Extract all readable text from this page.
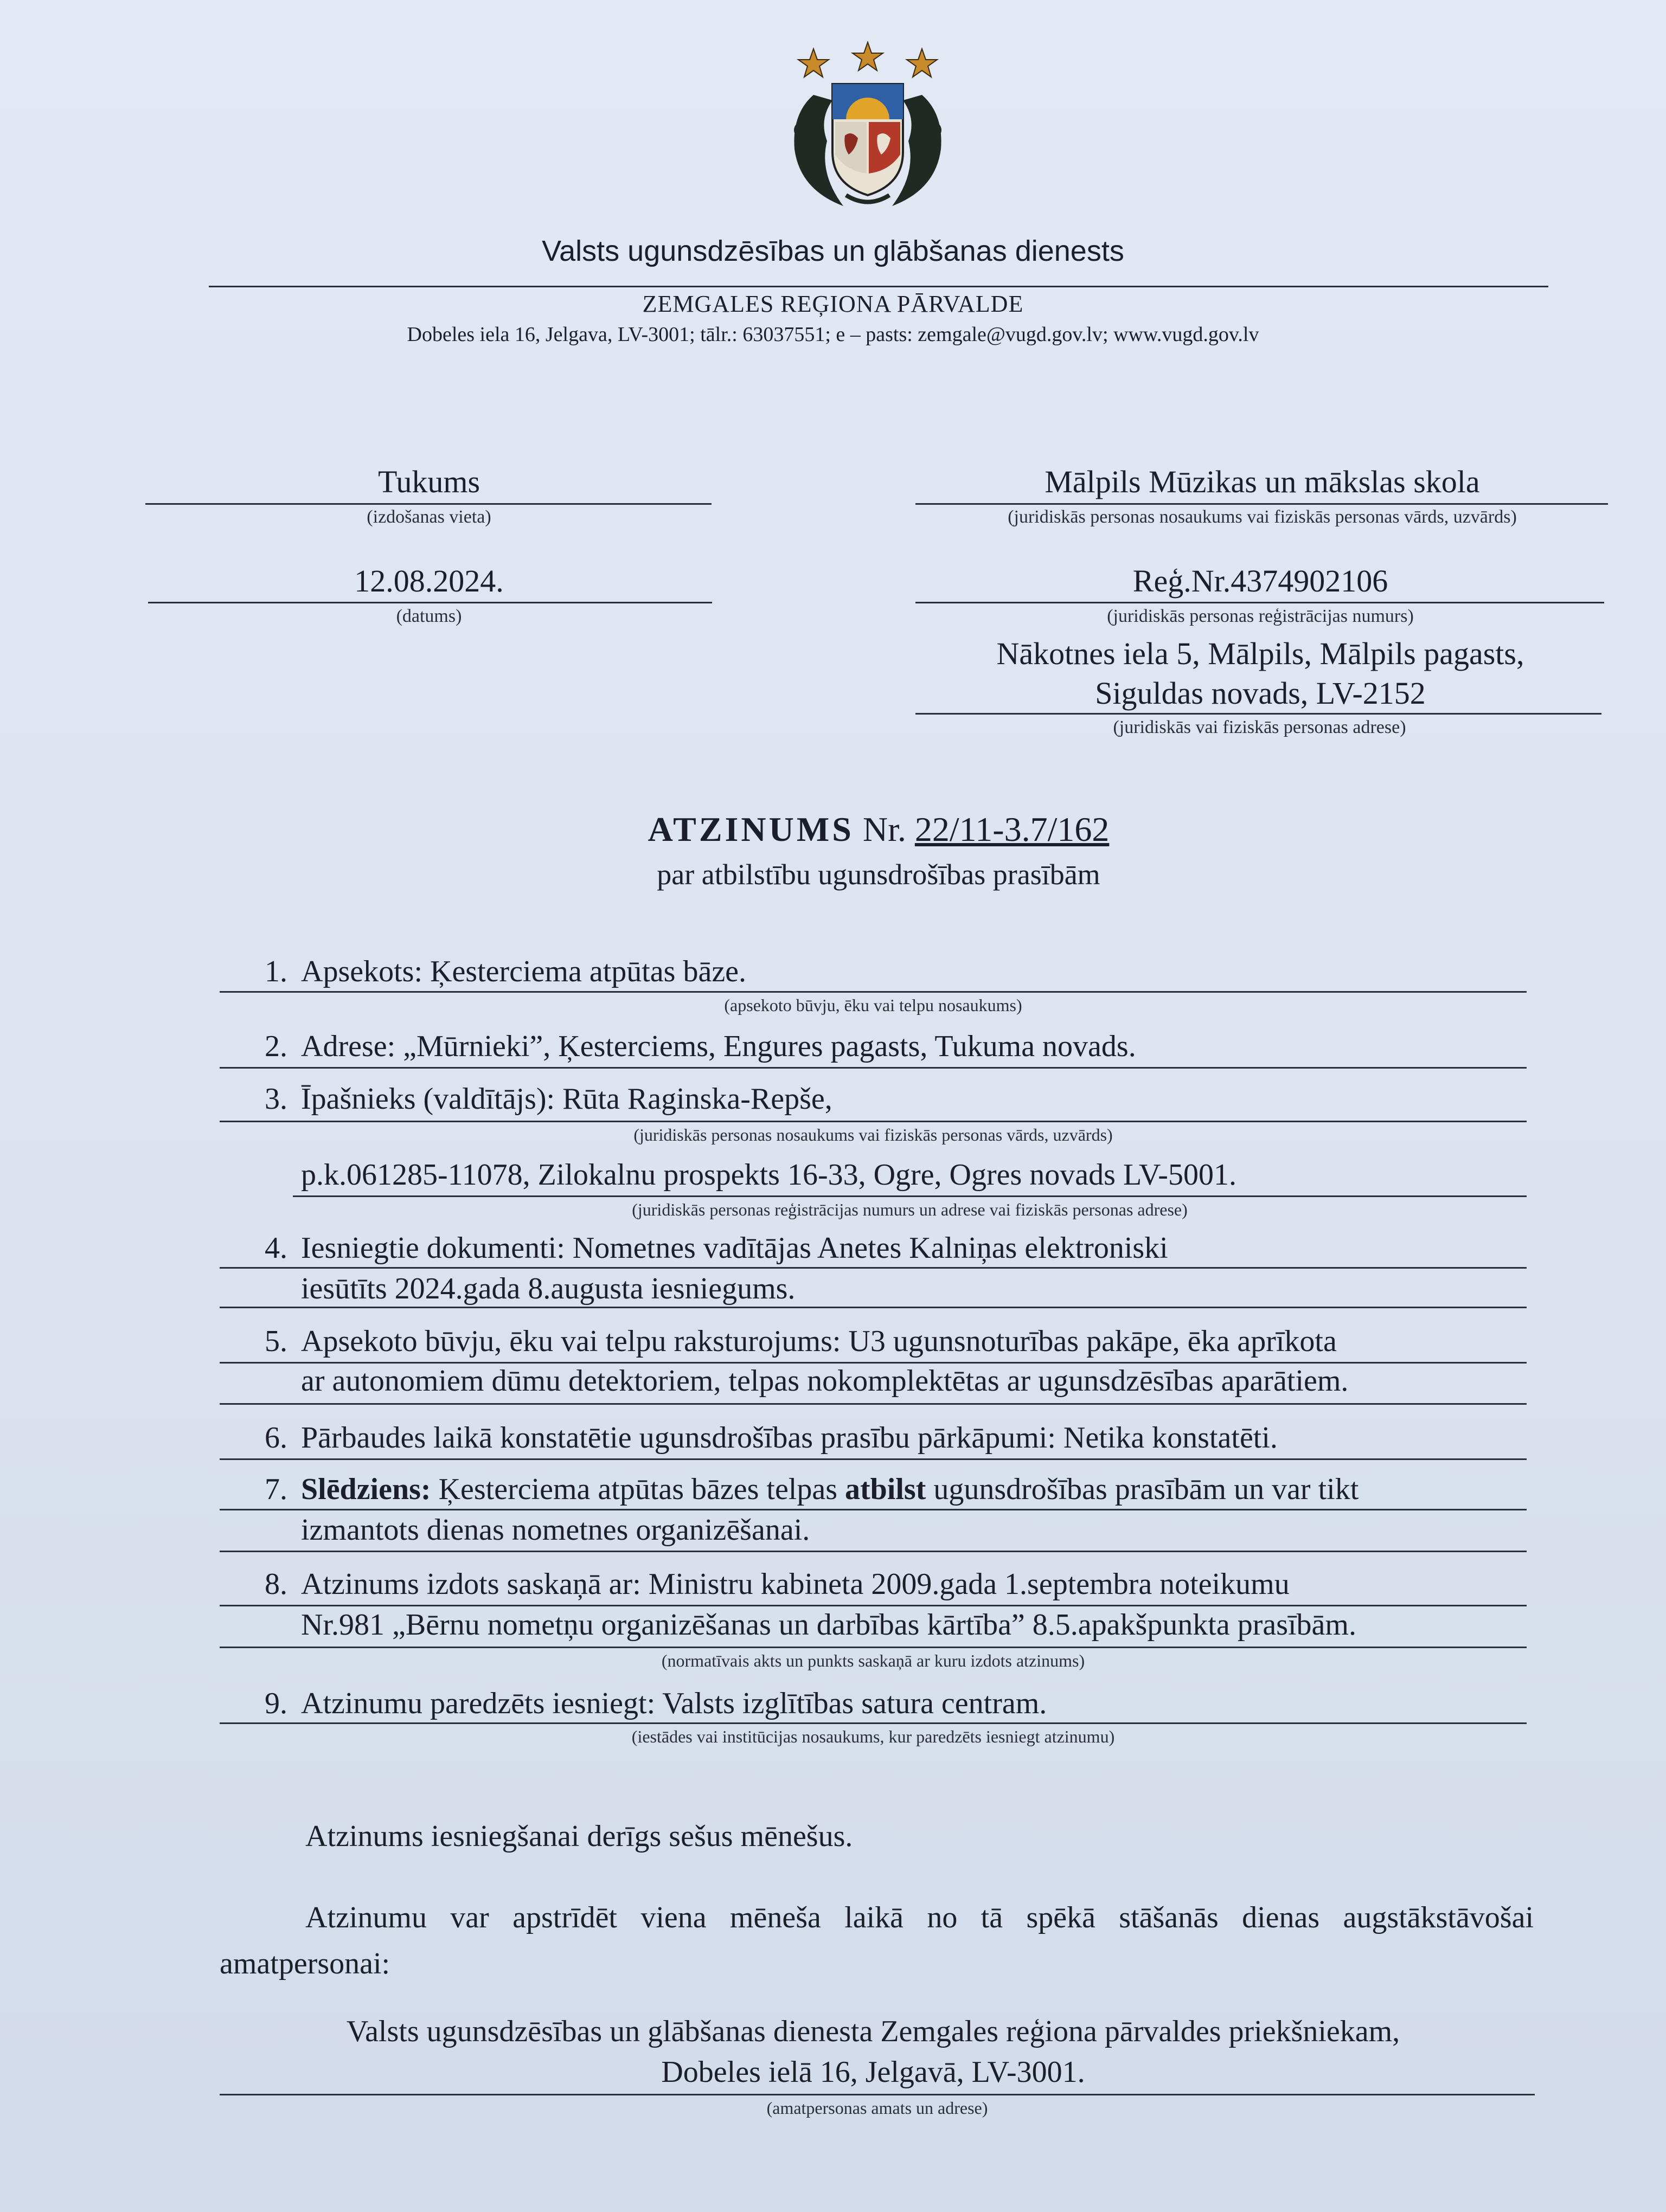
Valsts ugunsdzēsības un glābšanas dienests
ZEMGALES REĢIONA PĀRVALDE
Dobeles iela 16, Jelgava, LV-3001; tālr.: 63037551; e – pasts: zemgale@vugd.gov.lv; www.vugd.gov.lv
Tukums
(izdošanas vieta)
12.08.2024.
(datums)
Mālpils Mūzikas un mākslas skola
(juridiskās personas nosaukums vai fiziskās personas vārds, uzvārds)
Reģ.Nr.4374902106
(juridiskās personas reģistrācijas numurs)
Nākotnes iela 5, Mālpils, Mālpils pagasts,
Siguldas novads, LV-2152
(juridiskās vai fiziskās personas adrese)
ATZINUMS Nr. 22/11-3.7/162
par atbilstību ugunsdrošības prasībām
1. Apsekots: Ķesterciema atpūtas bāze.
(apsekoto būvju, ēku vai telpu nosaukums)
2. Adrese: „Mūrnieki”, Ķesterciems, Engures pagasts, Tukuma novads.
3. Īpašnieks (valdītājs): Rūta Raginska-Repše,
(juridiskās personas nosaukums vai fiziskās personas vārds, uzvārds)
p.k.061285-11078, Zilokalnu prospekts 16-33, Ogre, Ogres novads LV-5001.
(juridiskās personas reģistrācijas numurs un adrese vai fiziskās personas adrese)
4. Iesniegtie dokumenti: Nometnes vadītājas Anetes Kalniņas elektroniski
iesūtīts 2024.gada 8.augusta iesniegums.
5. Apsekoto būvju, ēku vai telpu raksturojums: U3 ugunsnoturības pakāpe, ēka aprīkota
ar autonomiem dūmu detektoriem, telpas nokomplektētas ar ugunsdzēsības aparātiem.
6. Pārbaudes laikā konstatētie ugunsdrošības prasību pārkāpumi: Netika konstatēti.
7. Slēdziens: Ķesterciema atpūtas bāzes telpas atbilst ugunsdrošības prasībām un var tikt
izmantots dienas nometnes organizēšanai.
8. Atzinums izdots saskaņā ar: Ministru kabineta 2009.gada 1.septembra noteikumu
Nr.981 „Bērnu nometņu organizēšanas un darbības kārtība” 8.5.apakšpunkta prasībām.
(normatīvais akts un punkts saskaņā ar kuru izdots atzinums)
9. Atzinumu paredzēts iesniegt: Valsts izglītības satura centram.
(iestādes vai institūcijas nosaukums, kur paredzēts iesniegt atzinumu)
Atzinums iesniegšanai derīgs sešus mēnešus.
Atzinumu var apstrīdēt viena mēneša laikā no tā spēkā stāšanās dienas augstākstāvošai
amatpersonai:
Valsts ugunsdzēsības un glābšanas dienesta Zemgales reģiona pārvaldes priekšniekam,
Dobeles ielā 16, Jelgavā, LV-3001.
(amatpersonas amats un adrese)
